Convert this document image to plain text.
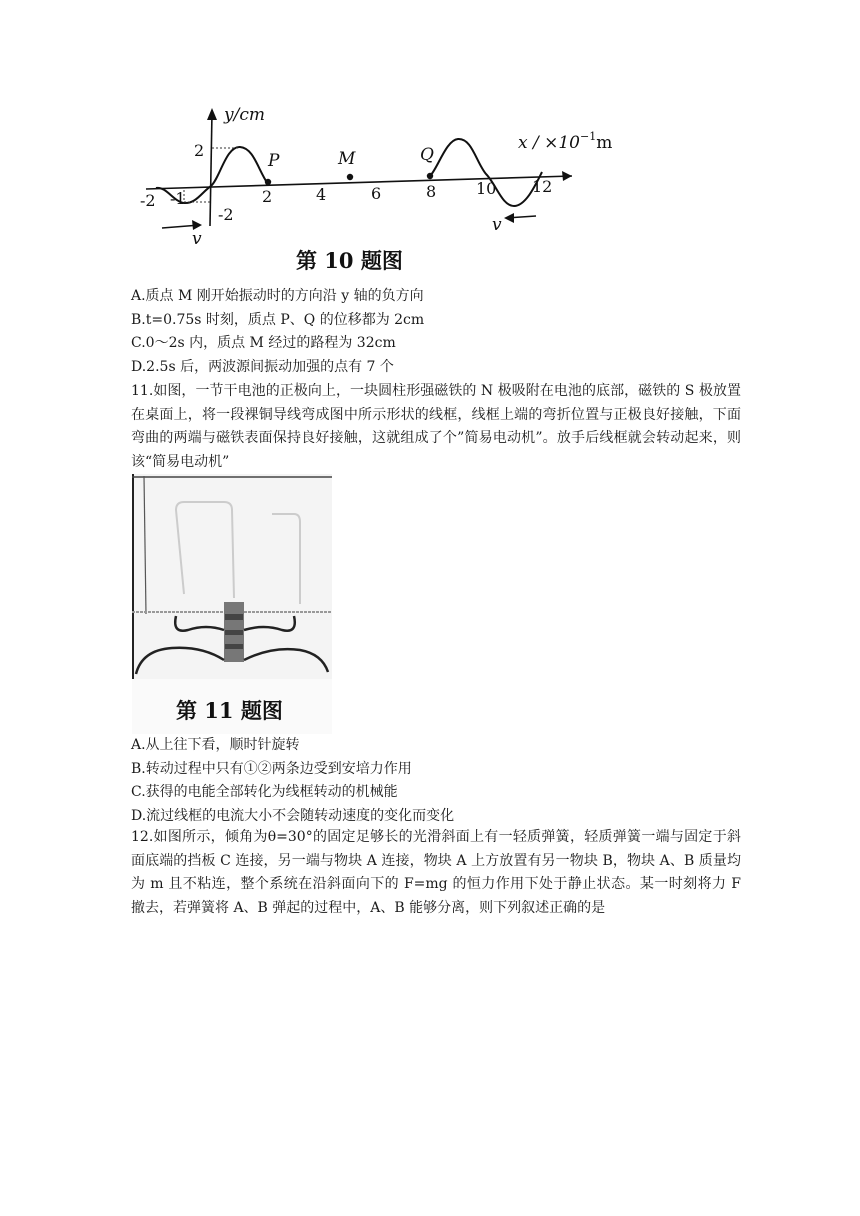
-2 -1	2	4	6	8 10 12
y/cm
2
-2
P	M	Q
$x / \times 10^{-1}m$
v
v
第 10 题图
A.质点 M 刚开始振动时的方向沿 y 轴的负方向
B.t=0.75s 时刻，质点 P、Q 的位移都为 2cm
C.0～2s 内，质点 M 经过的路程为 32cm
D.2.5s 后，两波源间振动加强的点有 7 个
11.如图，一节干电池的正极向上，一块圆柱形强磁铁的 N 极吸附在电池的底部，磁铁的 S 极放置在桌面上，将一段裸铜导线弯成图中所示形状的线框，线框上端的弯折位置与正极良好接触，下面弯曲的两端与磁铁表面保持良好接触，这就组成了个”简易电动机”。放手后线框就会转动起来，则该“简易电动机”
第 11 题图
A.从上往下看，顺时针旋转
B.转动过程中只有①②两条边受到安培力作用
C.获得的电能全部转化为线框转动的机械能
D.流过线框的电流大小不会随转动速度的变化而变化
12.如图所示，倾角为θ=30°的固定足够长的光滑斜面上有一轻质弹簧，轻质弹簧一端与固定于斜面底端的挡板 C 连接，另一端与物块 A 连接，物块 A 上方放置有另一物块 B，物块 A、B 质量均为 m 且不粘连，整个系统在沿斜面向下的 F=mg 的恒力作用下处于静止状态。某一时刻将力 F 撤去，若弹簧将 A、B 弹起的过程中，A、B 能够分离，则下列叙述正确的是
